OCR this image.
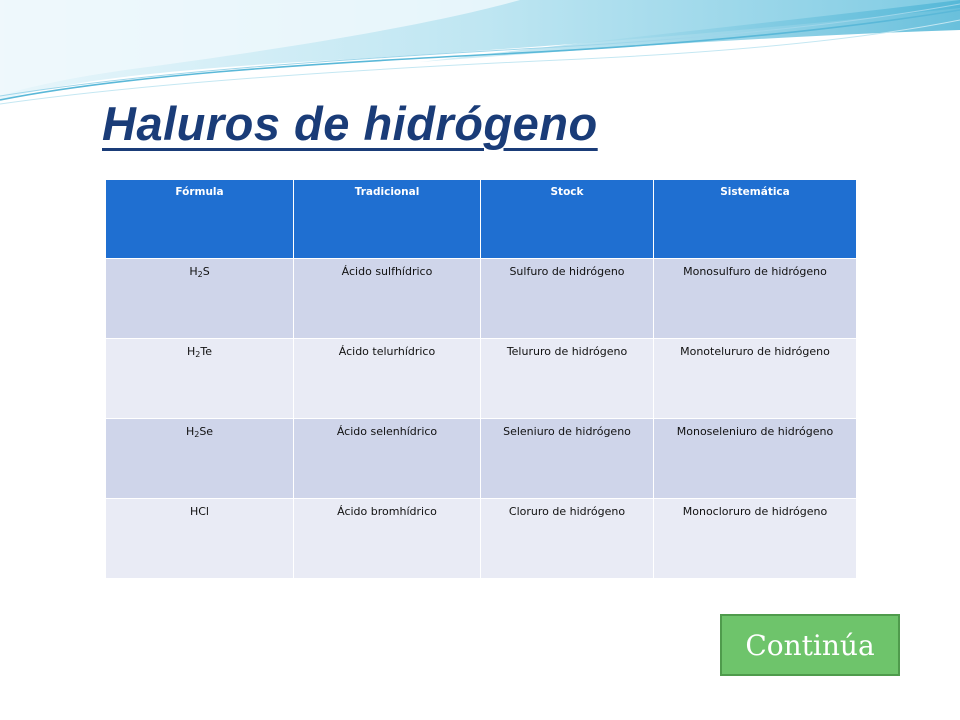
Haluros de hidrógeno
Fórmula	Tradicional	Stock	Sistemática
$H_2S$	Ácido sulfhídrico	Sulfuro de hidrógeno	Monosulfuro de hidrógeno
$H_2Te$	Ácido telurhídrico	Telururo de hidrógeno	Monotelururo de hidrógeno
$H_2Se$	Ácido selenhídrico	Seleniuro de hidrógeno	Monoseleniuro de hidrógeno
HCl	Ácido bromhídrico	Cloruro de hidrógeno	Monocloruro de hidrógeno
Continúa
